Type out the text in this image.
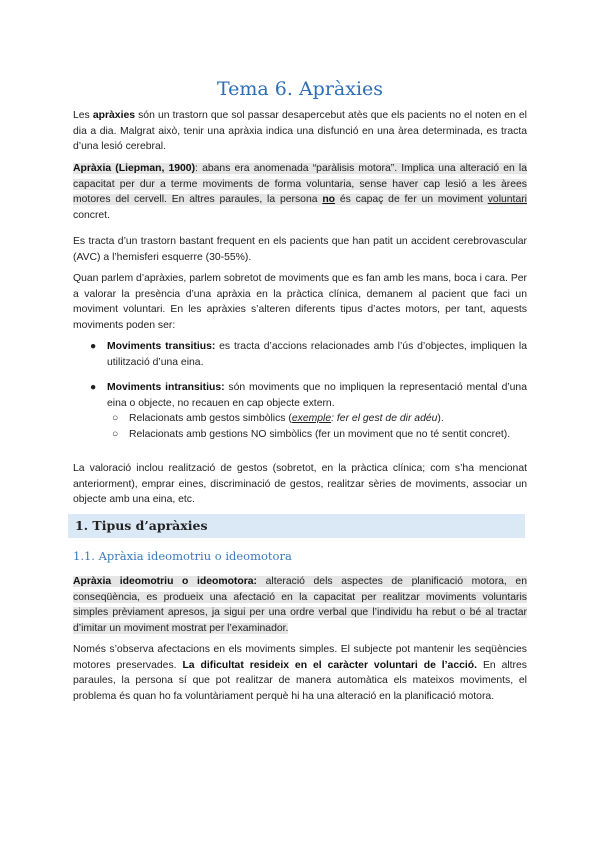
Tema 6. Apràxies
Les apràxies són un trastorn que sol passar desapercebut atès que els pacients no el noten en el dia a dia. Malgrat això, tenir una apràxia indica una disfunció en una àrea determinada, es tracta d’una lesió cerebral.
Apràxia (Liepman, 1900): abans era anomenada “paràlisis motora”. Implica una alteració en la capacitat per dur a terme moviments de forma voluntaria, sense haver cap lesió a les àrees motores del cervell. En altres paraules, la persona no és capaç de fer un moviment voluntari concret.
Es tracta d’un trastorn bastant frequent en els pacients que han patit un accident cerebrovascular (AVC) a l’hemisferi esquerre (30-55%).
Quan parlem d’apràxies, parlem sobretot de moviments que es fan amb les mans, boca i cara. Per a valorar la presència d’una apràxia en la pràctica clínica, demanem al pacient que faci un moviment voluntari. En les apràxies s’alteren diferents tipus d’actes motors, per tant, aquests moviments poden ser:
● Moviments transitius: es tracta d’accions relacionades amb l’ús d’objectes, impliquen la utilització d’una eina.
● Moviments intransitius: són moviments que no impliquen la representació mental d’una eina o objecte, no recauen en cap objecte extern.
○ Relacionats amb gestos simbòlics (exemple: fer el gest de dir adéu).
○ Relacionats amb gestions NO simbòlics (fer un moviment que no té sentit concret).
La valoració inclou realització de gestos (sobretot, en la pràctica clínica; com s’ha mencionat anteriorment), emprar eines, discriminació de gestos, realitzar sèries de moviments, associar un objecte amb una eina, etc.
1. Tipus d’apràxies
1.1. Apràxia ideomotriu o ideomotora
Apràxia ideomotriu o ideomotora: alteració dels aspectes de planificació motora, en conseqüència, es produeix una afectació en la capacitat per realitzar moviments voluntaris simples prèviament apresos, ja sigui per una ordre verbal que l’individu ha rebut o bé al tractar d’imitar un moviment mostrat per l’examinador.
Només s’observa afectacions en els moviments simples. El subjecte pot mantenir les seqüències motores preservades. La dificultat resideix en el caràcter voluntari de l’acció. En altres paraules, la persona sí que pot realitzar de manera automàtica els mateixos moviments, el problema és quan ho fa voluntàriament perquè hi ha una alteració en la planificació motora.
